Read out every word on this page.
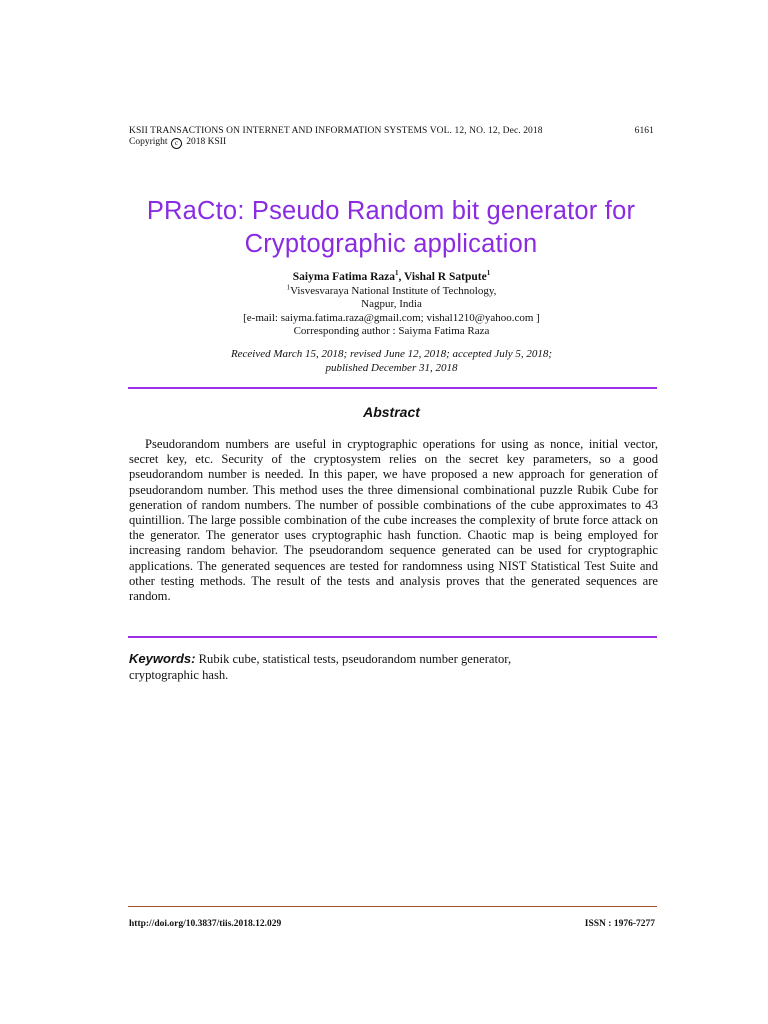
KSII TRANSACTIONS ON INTERNET AND INFORMATION SYSTEMS VOL. 12, NO. 12, Dec. 2018	6161
Copyright c 2018 KSII
PRaCto: Pseudo Random bit generator for
Cryptographic application
Saiyma Fatima Raza$^1$, Vishal R Satpute$^1$
$^1$Visvesvaraya National Institute of Technology,
Nagpur, India
[e-mail: saiyma.fatima.raza@gmail.com; vishal1210@yahoo.com ]
Corresponding author : Saiyma Fatima Raza
Received March 15, 2018; revised June 12, 2018; accepted July 5, 2018;
published December 31, 2018
Abstract

Pseudorandom numbers are useful in cryptographic operations for using as nonce, initial vector, secret key, etc. Security of the cryptosystem relies on the secret key parameters, so a good pseudorandom number is needed. In this paper, we have proposed a new approach for generation of pseudorandom number. This method uses the three dimensional combinational puzzle Rubik Cube for generation of random numbers. The number of possible combinations of the cube approximates to 43 quintillion. The large possible combination of the cube increases the complexity of brute force attack on the generator. The generator uses cryptographic hash function. Chaotic map is being employed for increasing random behavior. The pseudorandom sequence generated can be used for cryptographic applications. The generated sequences are tested for randomness using NIST Statistical Test Suite and other testing methods. The result of the tests and analysis proves that the generated sequences are random.

Keywords: Rubik cube, statistical tests, pseudorandom number generator,
cryptographic hash.
http://doi.org/10.3837/tiis.2018.12.029	ISSN : 1976-7277
